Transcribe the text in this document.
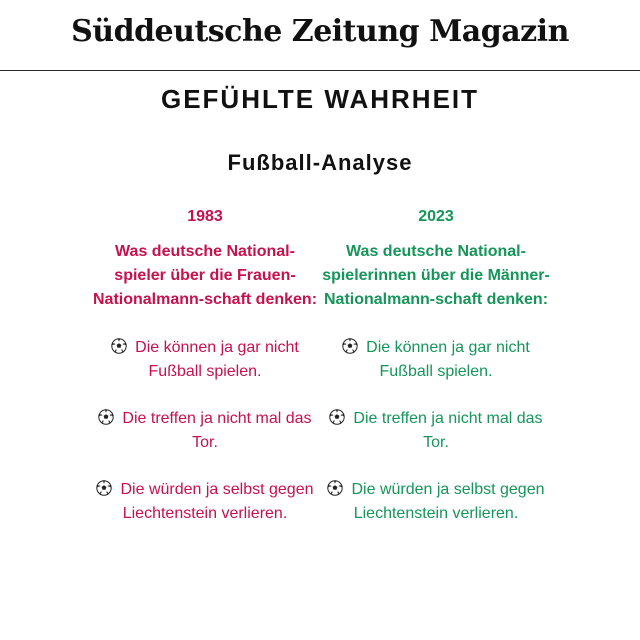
Süddeutsche Zeitung Magazin
GEFÜHLTE WAHRHEIT
Fußball-Analyse
1983
Was deutsche National-spieler über die Frauen-Nationalmann-schaft denken:
Die können ja gar nicht Fußball spielen.
Die treffen ja nicht mal das Tor.
Die würden ja selbst gegen Liechtenstein verlieren.
2023
Was deutsche National-spielerinnen über die Männer-Nationalmann-schaft denken:
Die können ja gar nicht Fußball spielen.
Die treffen ja nicht mal das Tor.
Die würden ja selbst gegen Liechtenstein verlieren.
